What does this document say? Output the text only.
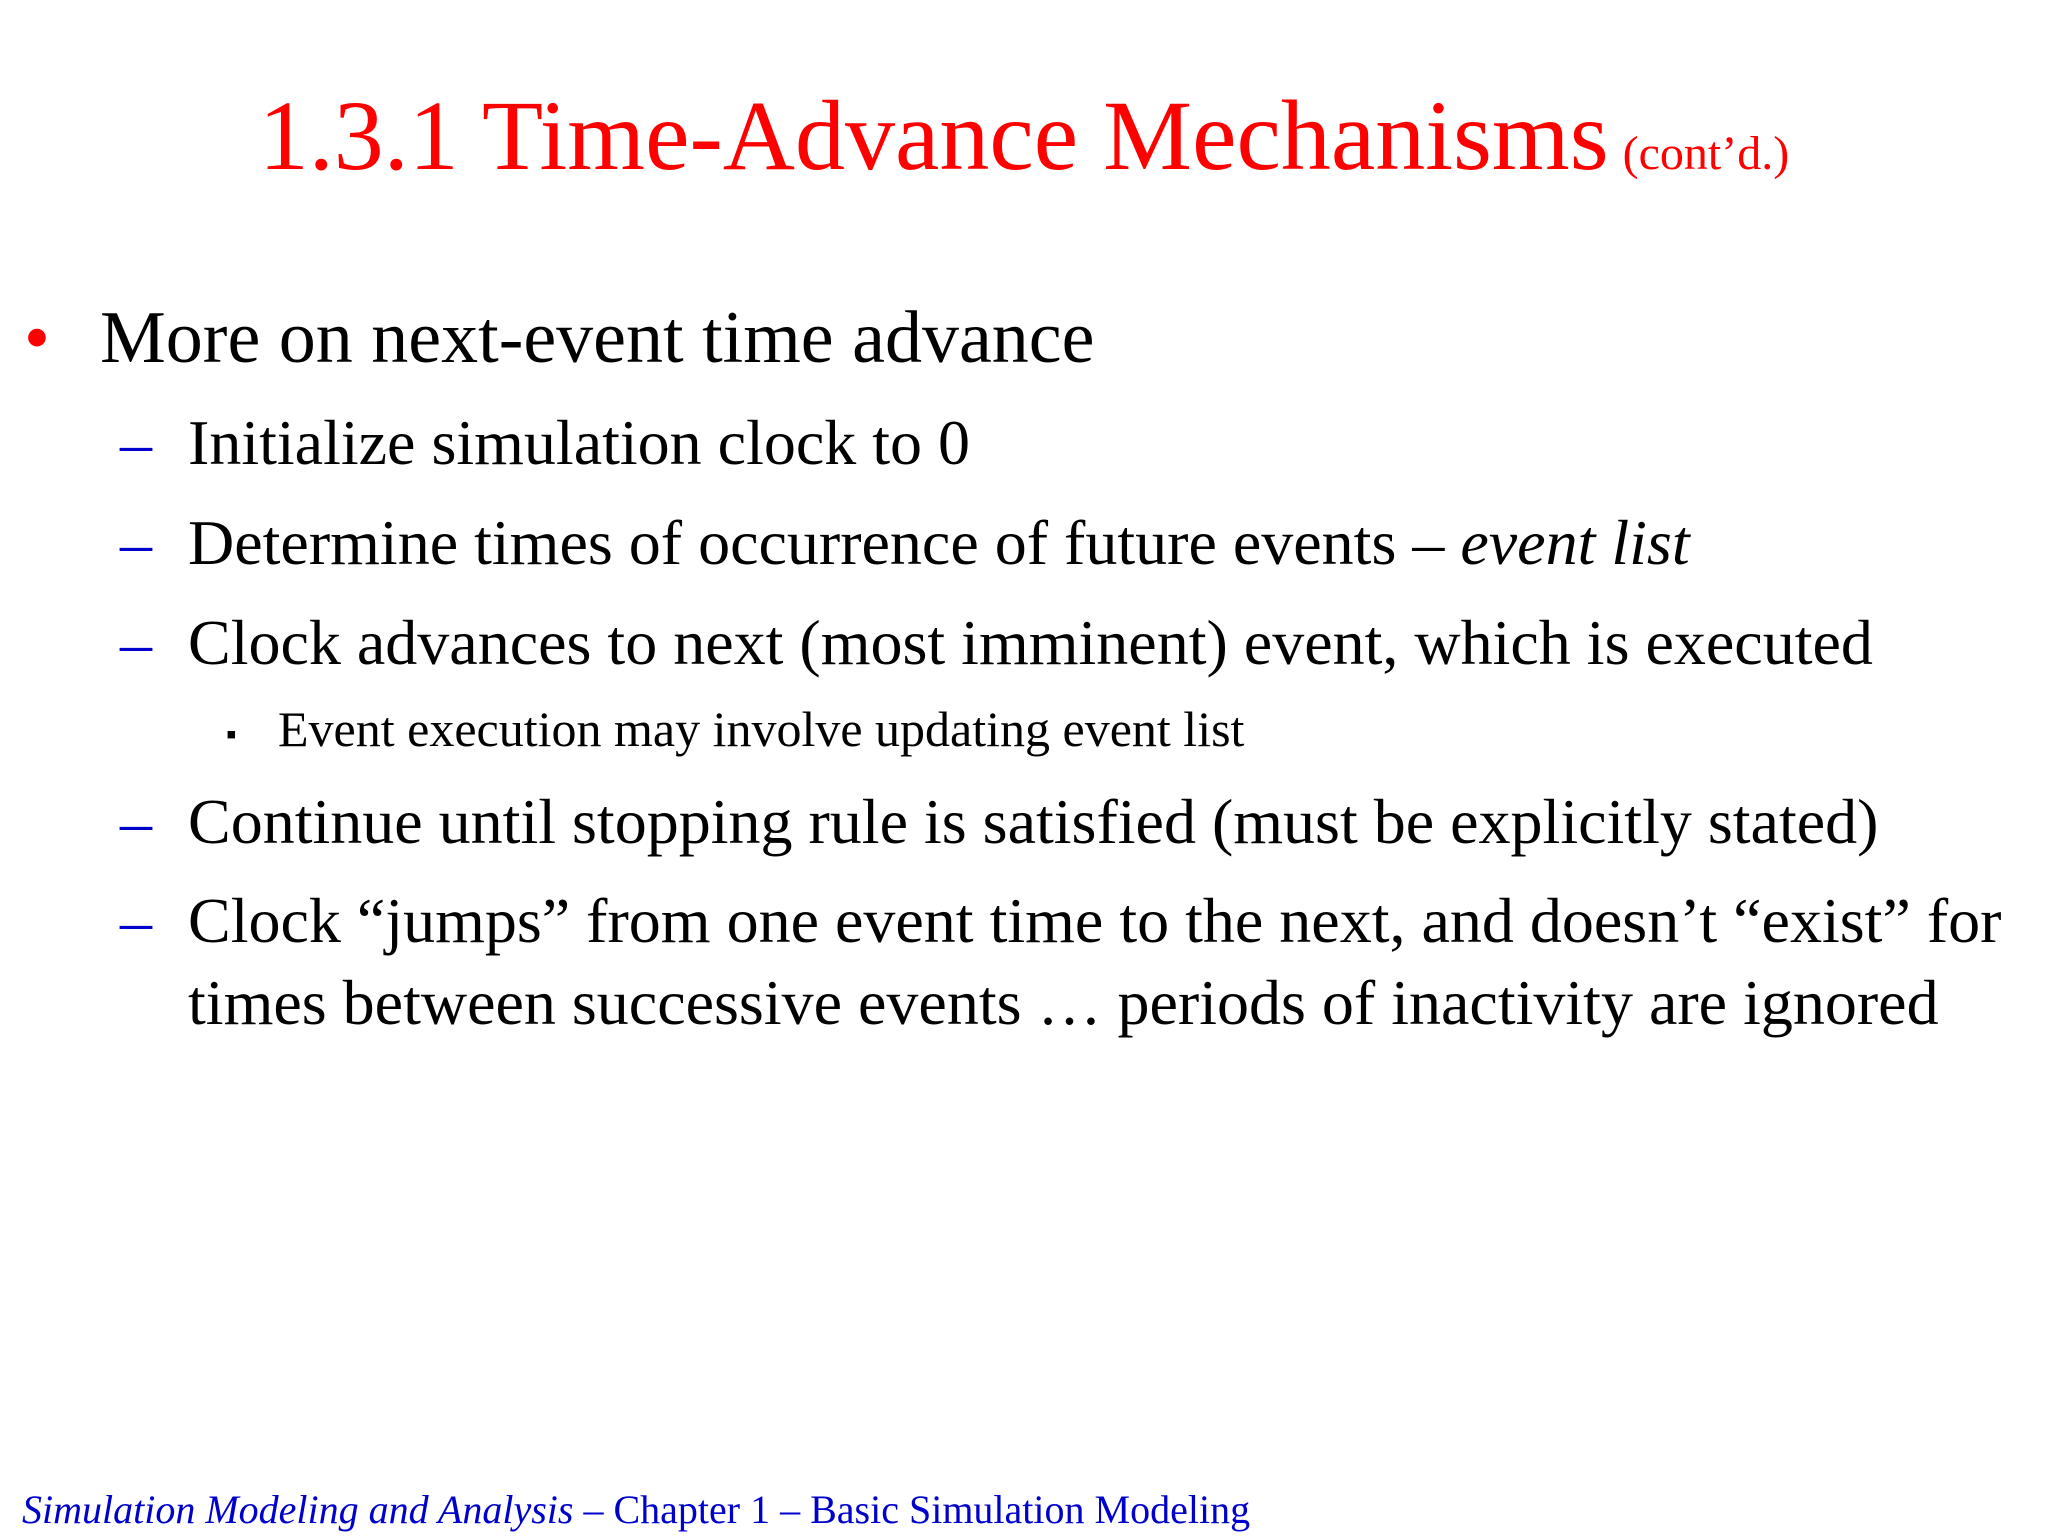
1.3.1 Time-Advance Mechanisms (cont’d.)
• More on next-event time advance
– Initialize simulation clock to 0
– Determine times of occurrence of future events – event list
– Clock advances to next (most imminent) event, which is executed
▪ Event execution may involve updating event list
– Continue until stopping rule is satisfied (must be explicitly stated)
– Clock “jumps” from one event time to the next, and doesn’t “exist” for times between successive events … periods of inactivity are ignored
Simulation Modeling and Analysis – Chapter 1 – Basic Simulation Modeling
